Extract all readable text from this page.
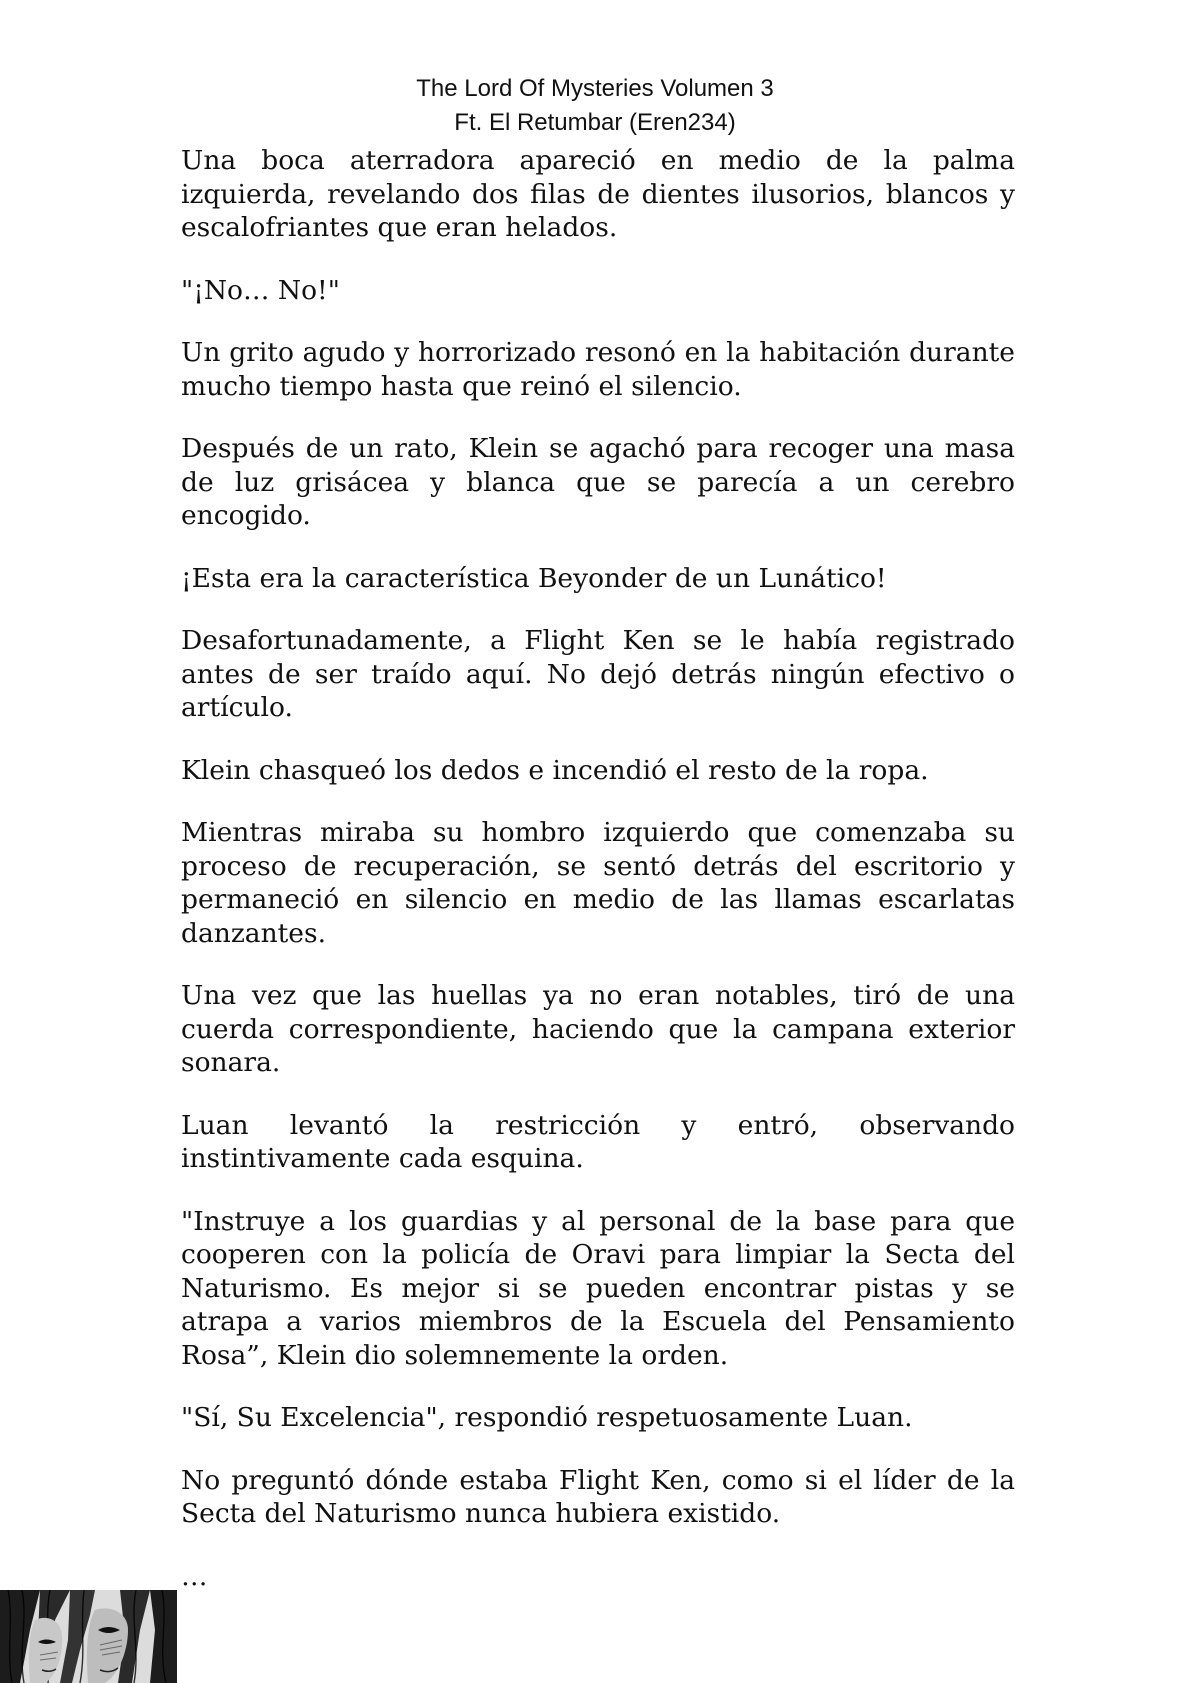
The Lord Of Mysteries Volumen 3
Ft. El Retumbar (Eren234)

Una boca aterradora apareció en medio de la palma izquierda, revelando dos filas de dientes ilusorios, blancos y escalofriantes que eran helados.

"¡No… No!"

Un grito agudo y horrorizado resonó en la habitación durante mucho tiempo hasta que reinó el silencio.

Después de un rato, Klein se agachó para recoger una masa de luz grisácea y blanca que se parecía a un cerebro encogido.

¡Esta era la característica Beyonder de un Lunático!

Desafortunadamente, a Flight Ken se le había registrado antes de ser traído aquí. No dejó detrás ningún efectivo o artículo.

Klein chasqueó los dedos e incendió el resto de la ropa.

Mientras miraba su hombro izquierdo que comenzaba su proceso de recuperación, se sentó detrás del escritorio y permaneció en silencio en medio de las llamas escarlatas danzantes.

Una vez que las huellas ya no eran notables, tiró de una cuerda correspondiente, haciendo que la campana exterior sonara.

Luan levantó la restricción y entró, observando instintivamente cada esquina.

"Instruye a los guardias y al personal de la base para que cooperen con la policía de Oravi para limpiar la Secta del Naturismo. Es mejor si se pueden encontrar pistas y se atrapa a varios miembros de la Escuela del Pensamiento Rosa”, Klein dio solemnemente la orden.

"Sí, Su Excelencia", respondió respetuosamente Luan.

No preguntó dónde estaba Flight Ken, como si el líder de la Secta del Naturismo nunca hubiera existido.

…
